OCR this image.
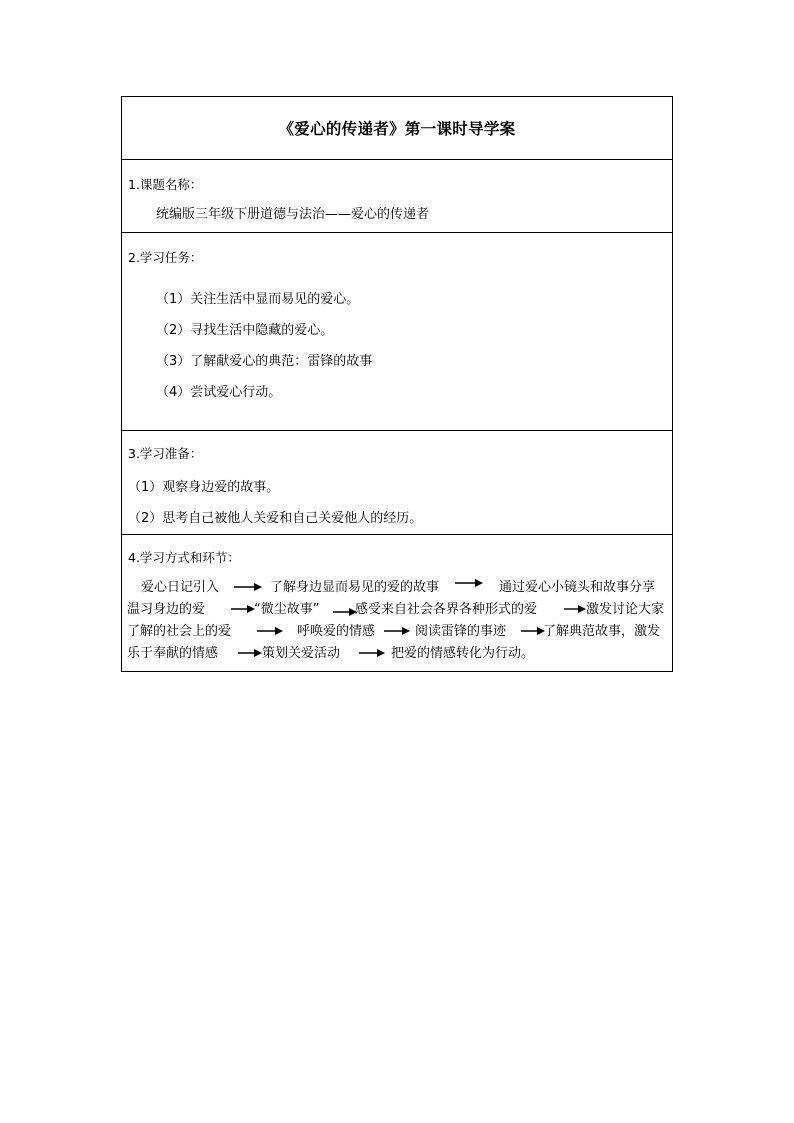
《爱心的传递者》第一课时导学案
1.课题名称：
统编版三年级下册道德与法治——爱心的传递者
2.学习任务：
（1）关注生活中显而易见的爱心。
（2）寻找生活中隐藏的爱心。
（3）了解献爱心的典范：雷锋的故事
（4）尝试爱心行动。
3.学习准备：
（1）观察身边爱的故事。
（2）思考自己被他人关爱和自己关爱他人的经历。
4.学习方式和环节：
爱心日记引入	了解身边显而易见的爱的故事	通过爱心小镜头和故事分享
温习身边的爱	“微尘故事”	感受来自社会各界各种形式的爱	激发讨论大家
了解的社会上的爱	呼唤爱的情感	阅读雷锋的事迹	了解典范故事，激发
乐于奉献的情感	策划关爱活动	把爱的情感转化为行动。
